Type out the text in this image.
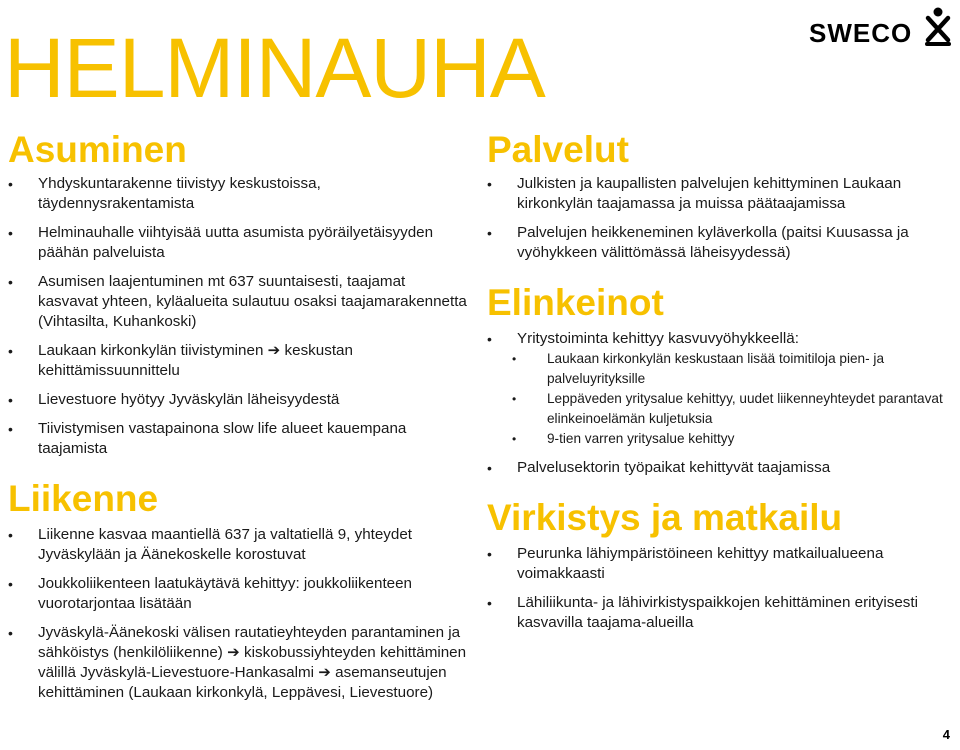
HELMINAUHA	SWECO
Asuminen
• Yhdyskuntarakenne tiivistyy keskustoissa, täydennysrakentamista
• Helminauhalle viihtyisää uutta asumista pyöräilyetäisyyden päähän palveluista
• Asumisen laajentuminen mt 637 suuntaisesti, taajamat kasvavat yhteen, kyläalueita sulautuu osaksi taajamarakennetta (Vihtasilta, Kuhankoski)
• Laukaan kirkonkylän tiivistyminen ➔ keskustan kehittämissuunnittelu
• Lievestuore hyötyy Jyväskylän läheisyydestä
• Tiivistymisen vastapainona slow life alueet kauempana taajamista
Liikenne
• Liikenne kasvaa maantiellä 637 ja valtatiellä 9, yhteydet Jyväskylään ja Äänekoskelle korostuvat
• Joukkoliikenteen laatukäytävä kehittyy: joukkoliikenteen vuorotarjontaa lisätään
• Jyväskylä-Äänekoski välisen rautatieyhteyden parantaminen ja sähköistys (henkilöliikenne) ➔ kiskobussiyhteyden kehittäminen välillä Jyväskylä-Lievestuore-Hankasalmi ➔ asemanseutujen kehittäminen (Laukaan kirkonkylä, Leppävesi, Lievestuore)
Palvelut
• Julkisten ja kaupallisten palvelujen kehittyminen Laukaan kirkonkylän taajamassa ja muissa päätaajamissa
• Palvelujen heikkeneminen kyläverkolla (paitsi Kuusassa ja vyöhykkeen välittömässä läheisyydessä)
Elinkeinot
• Yritystoiminta kehittyy kasvuvyöhykkeellä:
• Laukaan kirkonkylän keskustaan lisää toimitiloja pien- ja palveluyrityksille
• Leppäveden yritysalue kehittyy, uudet liikenneyhteydet parantavat elinkeinoelämän kuljetuksia
• 9-tien varren yritysalue kehittyy
• Palvelusektorin työpaikat kehittyvät taajamissa
Virkistys ja matkailu
• Peurunka lähiympäristöineen kehittyy matkailualueena voimakkaasti
• Lähiliikunta- ja lähivirkistyspaikkojen kehittäminen erityisesti kasvavilla taajama-alueilla
4
